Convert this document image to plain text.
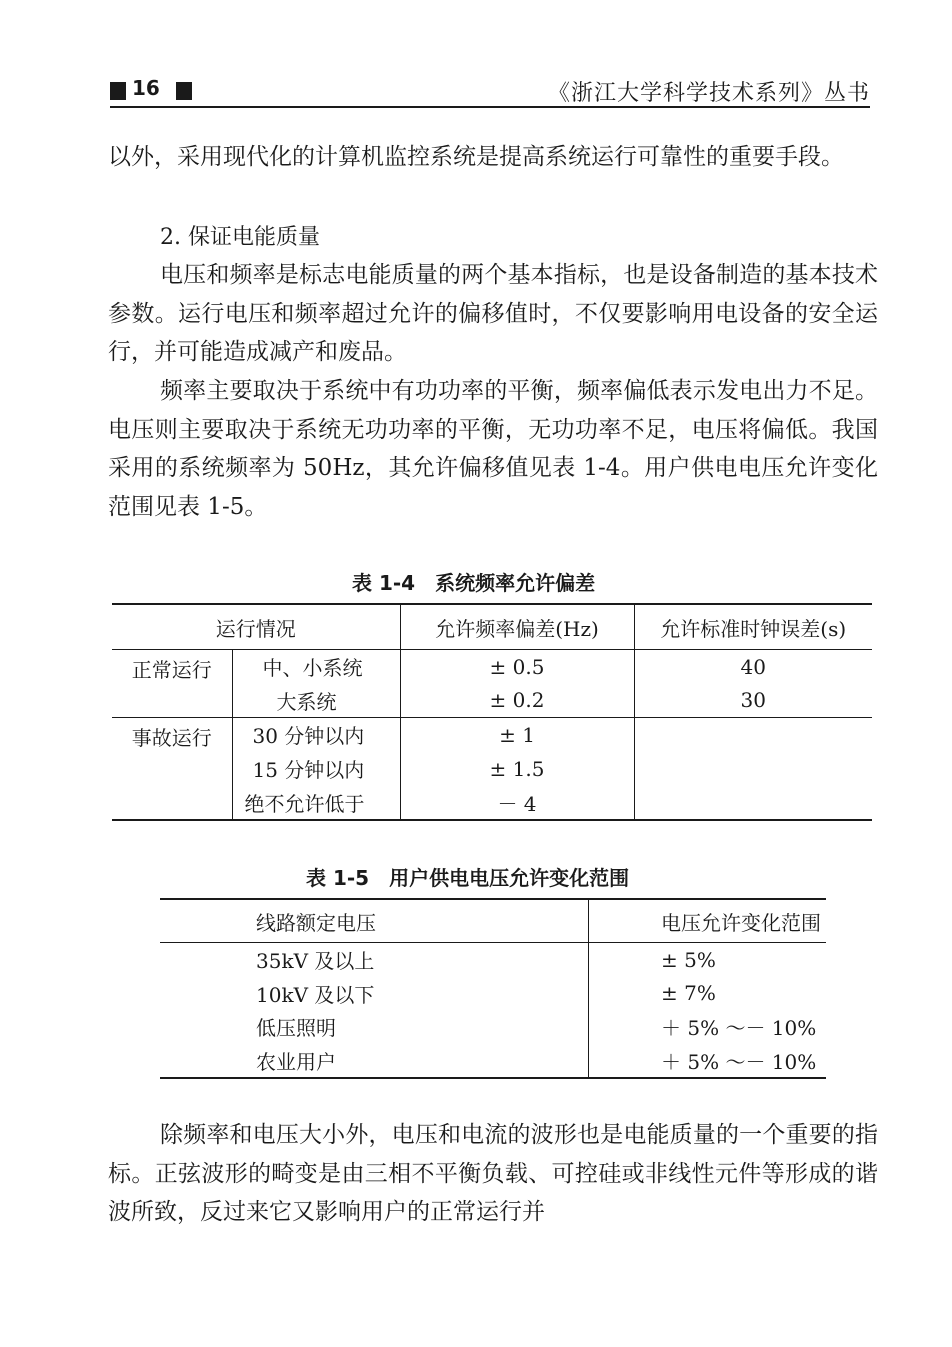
16	《浙江大学科学技术系列》丛书

以外，采用现代化的计算机监控系统是提高系统运行可靠性的重要手段。

2. 保证电能质量

电压和频率是标志电能质量的两个基本指标，也是设备制造的基本技术参数。运行电压和频率超过允许的偏移值时，不仅要影响用电设备的安全运行，并可能造成减产和废品。

频率主要取决于系统中有功功率的平衡，频率偏低表示发电出力不足。电压则主要取决于系统无功功率的平衡，无功功率不足，电压将偏低。我国采用的系统频率为 50Hz，其允许偏移值见表 1-4。用户供电电压允许变化范围见表 1-5。

表 1-4　系统频率允许偏差
运行情况		允许频率偏差(Hz)	允许标准时钟误差(s)
正常运行	中、小系统	± 0.5	40
	大系统	± 0.2	30
事故运行	30 分钟以内	± 1	
	15 分钟以内	± 1.5	
	绝不允许低于	－ 4	
表 1-5　用户供电电压允许变化范围
线路额定电压	电压允许变化范围
35kV 及以上	± 5%
10kV 及以下	± 7%
低压照明	＋ 5% ～－ 10%
农业用户	＋ 5% ～－ 10%

除频率和电压大小外，电压和电流的波形也是电能质量的一个重要的指标。正弦波形的畸变是由三相不平衡负载、可控硅或非线性元件等形成的谐波所致，反过来它又影响用户的正常运行并
